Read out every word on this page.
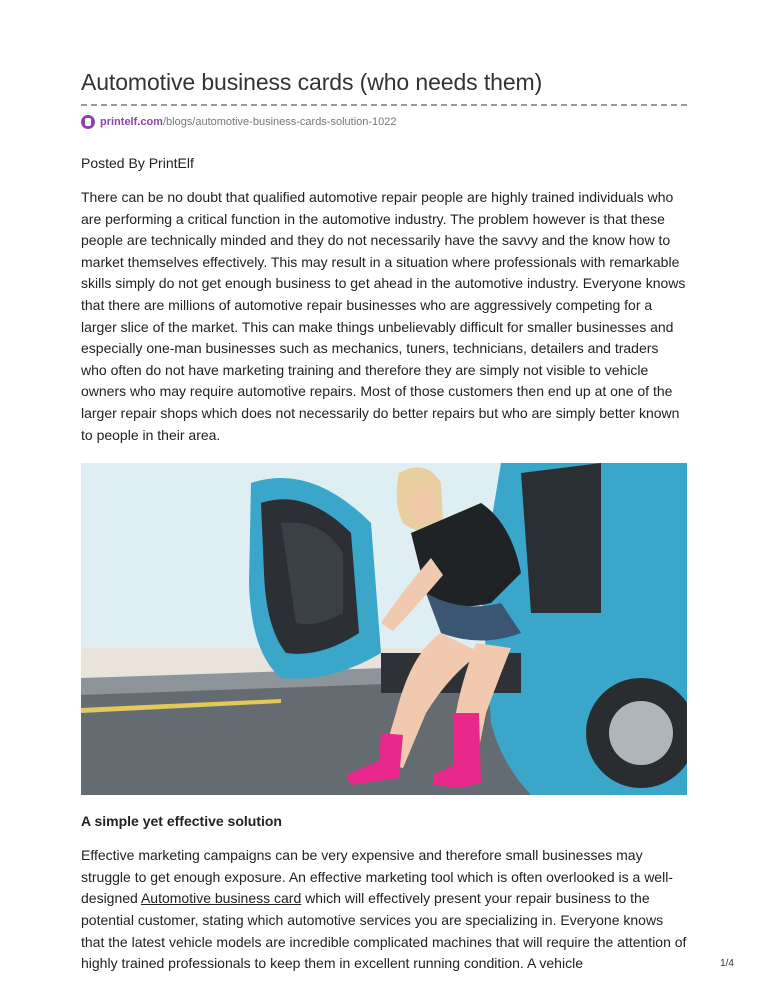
Automotive business cards (who needs them)
printelf.com /blogs/automotive-business-cards-solution-1022
Posted By PrintElf

There can be no doubt that qualified automotive repair people are highly trained individuals who are performing a critical function in the automotive industry. The problem however is that these people are technically minded and they do not necessarily have the savvy and the know how to market themselves effectively. This may result in a situation where professionals with remarkable skills simply do not get enough business to get ahead in the automotive industry. Everyone knows that there are millions of automotive repair businesses who are aggressively competing for a larger slice of the market. This can make things unbelievably difficult for smaller businesses and especially one-man businesses such as mechanics, tuners, technicians, detailers and traders who often do not have marketing training and therefore they are simply not visible to vehicle owners who may require automotive repairs. Most of those customers then end up at one of the larger repair shops which does not necessarily do better repairs but who are simply better known to people in their area.

A simple yet effective solution

Effective marketing campaigns can be very expensive and therefore small businesses may struggle to get enough exposure. An effective marketing tool which is often overlooked is a well-designed Automotive business card which will effectively present your repair business to the potential customer, stating which automotive services you are specializing in. Everyone knows that the latest vehicle models are incredible complicated machines that will require the attention of highly trained professionals to keep them in excellent running condition. A vehicle	1/4
